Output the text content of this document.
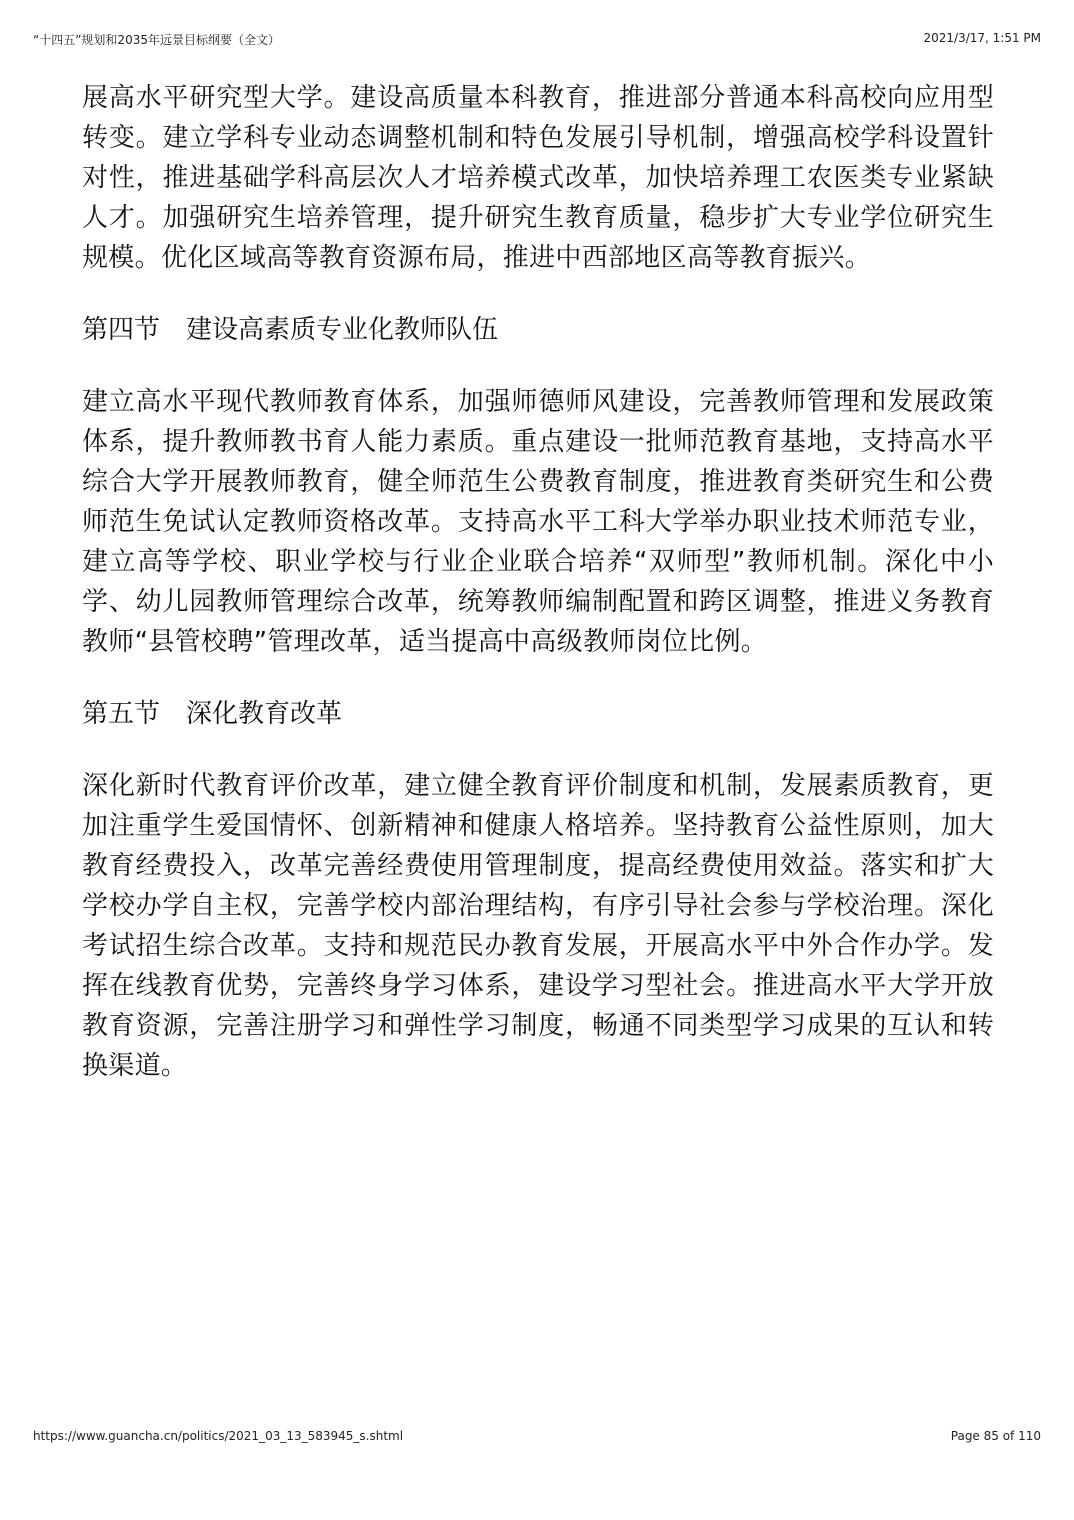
“十四五”规划和2035年远景目标纲要（全文）	2021/3/17, 1:51 PM

展高水平研究型大学。建设高质量本科教育，推进部分普通本科高校向应用型转变。建立学科专业动态调整机制和特色发展引导机制，增强高校学科设置针对性，推进基础学科高层次人才培养模式改革，加快培养理工农医类专业紧缺人才。加强研究生培养管理，提升研究生教育质量，稳步扩大专业学位研究生规模。优化区域高等教育资源布局，推进中西部地区高等教育振兴。

第四节　建设高素质专业化教师队伍

建立高水平现代教师教育体系，加强师德师风建设，完善教师管理和发展政策体系，提升教师教书育人能力素质。重点建设一批师范教育基地，支持高水平综合大学开展教师教育，健全师范生公费教育制度，推进教育类研究生和公费师范生免试认定教师资格改革。支持高水平工科大学举办职业技术师范专业，建立高等学校、职业学校与行业企业联合培养“双师型”教师机制。深化中小学、幼儿园教师管理综合改革，统筹教师编制配置和跨区调整，推进义务教育教师“县管校聘”管理改革，适当提高中高级教师岗位比例。

第五节　深化教育改革

深化新时代教育评价改革，建立健全教育评价制度和机制，发展素质教育，更加注重学生爱国情怀、创新精神和健康人格培养。坚持教育公益性原则，加大教育经费投入，改革完善经费使用管理制度，提高经费使用效益。落实和扩大学校办学自主权，完善学校内部治理结构，有序引导社会参与学校治理。深化考试招生综合改革。支持和规范民办教育发展，开展高水平中外合作办学。发挥在线教育优势，完善终身学习体系，建设学习型社会。推进高水平大学开放教育资源，完善注册学习和弹性学习制度，畅通不同类型学习成果的互认和转换渠道。

https://www.guancha.cn/politics/2021_03_13_583945_s.shtml	Page 85 of 110
